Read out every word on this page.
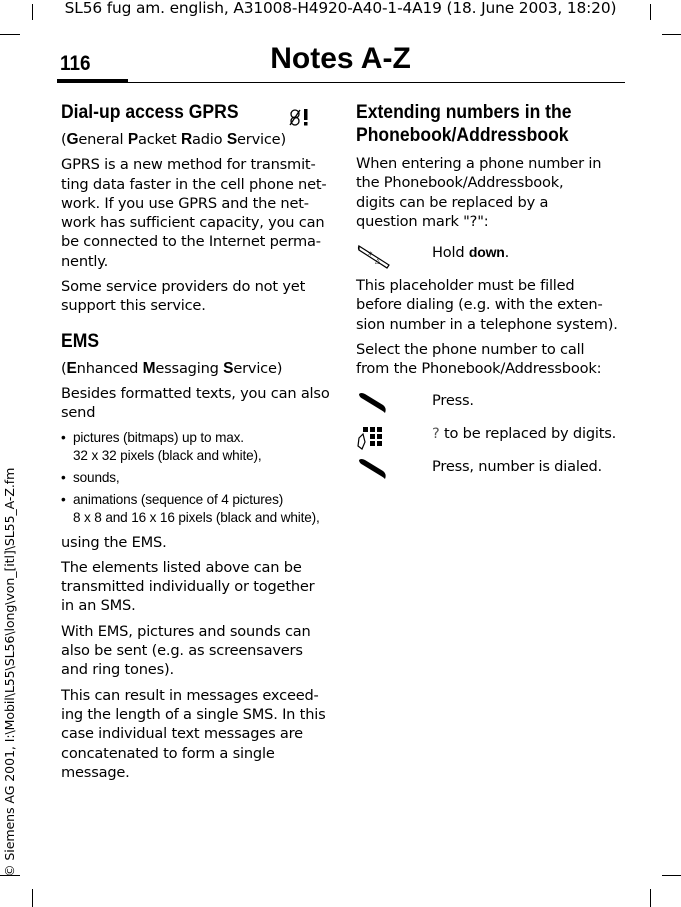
SL56 fug am. english, A31008-H4920-A40-1-4A19 (18. June 2003, 18:20)
© Siemens AG 2001, I:\Mobil\L55\SL56\long\von_[itl]\SL55_A-Z.fm
116	Notes A-Z
Dial-up access GPRS

(General Packet Radio Service)

GPRS is a new method for transmit-
ting data faster in the cell phone net-
work. If you use GPRS and the net-
work has sufficient capacity, you can
be connected to the Internet perma-
nently.

Some service providers do not yet
support this service.

EMS

(Enhanced Messaging Service)

Besides formatted texts, you can also
send

• pictures (bitmaps) up to max.
32 x 32 pixels (black and white),
• sounds,
• animations (sequence of 4 pictures)
8 x 8 and 16 x 16 pixels (black and white),

using the EMS.

The elements listed above can be
transmitted individually or together
in an SMS.

With EMS, pictures and sounds can
also be sent (e.g. as screensavers
and ring tones).

This can result in messages exceed-
ing the length of a single SMS. In this
case individual text messages are
concatenated to form a single
message.

Extending numbers in the
Phonebook/Addressbook

When entering a phone number in
the Phonebook/Addressbook,
digits can be replaced by a
question mark "?":

* △	Hold down.

This placeholder must be filled
before dialing (e.g. with the exten-
sion number in a telephone system).

Select the phone number to call
from the Phonebook/Addressbook:

Press.
? to be replaced by digits.
Press, number is dialed.
